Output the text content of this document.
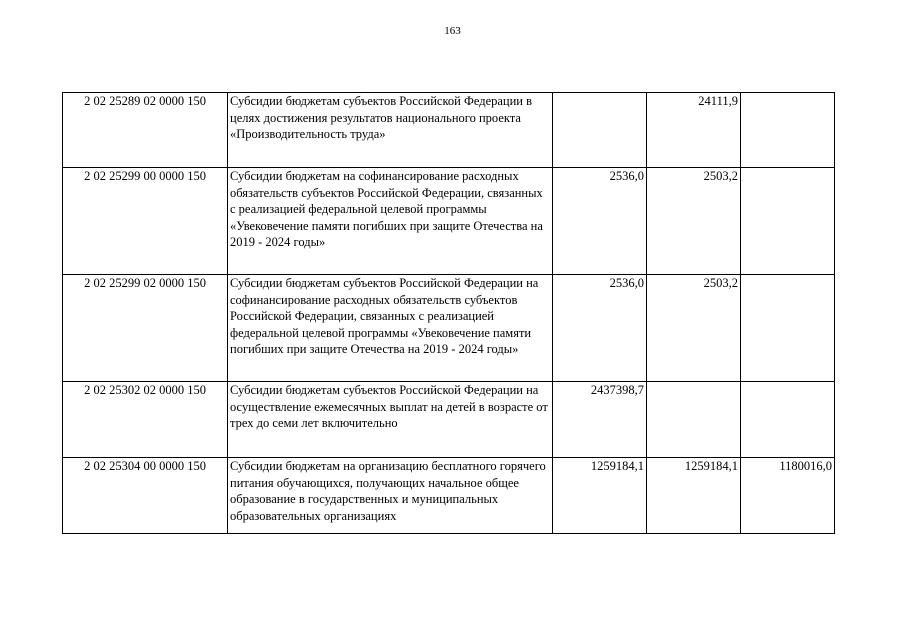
163
2 02 25289 02 0000 150	Субсидии бюджетам субъектов Российской Федерации в целях достижения результатов национального проекта «Производительность труда»		24111,9	
2 02 25299 00 0000 150	Субсидии бюджетам на софинансирование расходных обязательств субъектов Российской Федерации, связанных с реализацией федеральной целевой программы «Увековечение памяти погибших при защите Отечества на 2019 - 2024 годы»	2536,0	2503,2	
2 02 25299 02 0000 150	Субсидии бюджетам субъектов Российской Федерации на софинансирование расходных обязательств субъектов Российской Федерации, связанных с реализацией федеральной целевой программы «Увековечение памяти погибших при защите Отечества на 2019 - 2024 годы»	2536,0	2503,2	
2 02 25302 02 0000 150	Субсидии бюджетам субъектов Российской Федерации на осуществление ежемесячных выплат на детей в возрасте от трех до семи лет включительно	2437398,7		
2 02 25304 00 0000 150	Субсидии бюджетам на организацию бесплатного горячего питания обучающихся, получающих начальное общее образование в государственных и муниципальных образовательных организациях	1259184,1	1259184,1	1180016,0
